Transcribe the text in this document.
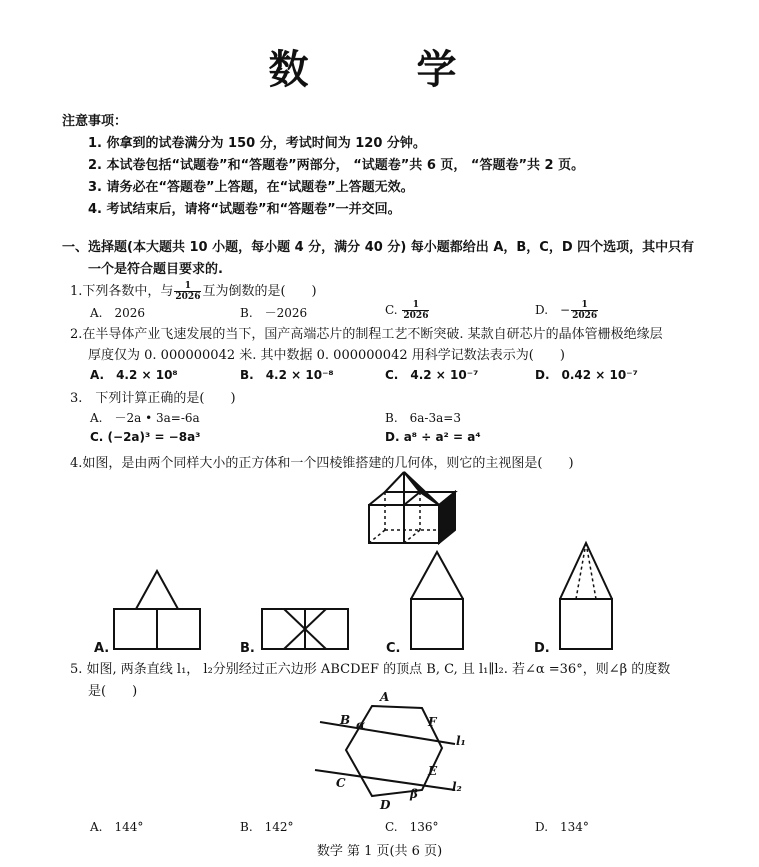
数　学
注意事项：
1. 你拿到的试卷满分为 150 分，考试时间为 120 分钟。
2. 本试卷包括“试题卷”和“答题卷”两部分， “试题卷”共 6 页， “答题卷”共 2 页。
3. 请务必在“答题卷”上答题，在“试题卷”上答题无效。
4. 考试结束后，请将“试题卷”和“答题卷”一并交回。
一、选择题(本大题共 10 小题，每小题 4 分，满分 40 分) 每小题都给出 A，B，C，D 四个选项，其中只有
一个是符合题目要求的.
1.下列各数中，与 $\frac{1}{2026}$ 互为倒数的是(　　)
A.　2026	B.　－2026	C. $\frac{1}{2026}$	D.　− $\frac{1}{2026}$
2.在半导体产业飞速发展的当下，国产高端芯片的制程工艺不断突破. 某款自研芯片的晶体管栅极绝缘层
厚度仅为 0. 000000042 米. 其中数据 0. 000000042 用科学记数法表示为(　　)
A.　4.2 × 10⁸	B.　4.2 × 10⁻⁸	C.　4.2 × 10⁻⁷	D.　0.42 × 10⁻⁷
3.　下列计算正确的是(　　)
A.　－2a • 3a=-6a	B.　6a-3a=3
C. (−2a)³ = −8a³	D. a⁸ ÷ a² = a⁴
4.如图，是由两个同样大小的正方体和一个四棱锥搭建的几何体，则它的主视图是(　　)
A.	B.	C.	D.
5. 如图, 两条直线 l₁， l₂分别经过正六边形 ABCDEF 的顶点 B, C, 且 l₁∥l₂. 若∠α =36°，则∠β 的度数
是(　　)	A
B α	F
l₁
C
E
l₂
β
D
A.　144°	B.　142°	C.　136°	D.　134°
数学 第 1 页(共 6 页)
